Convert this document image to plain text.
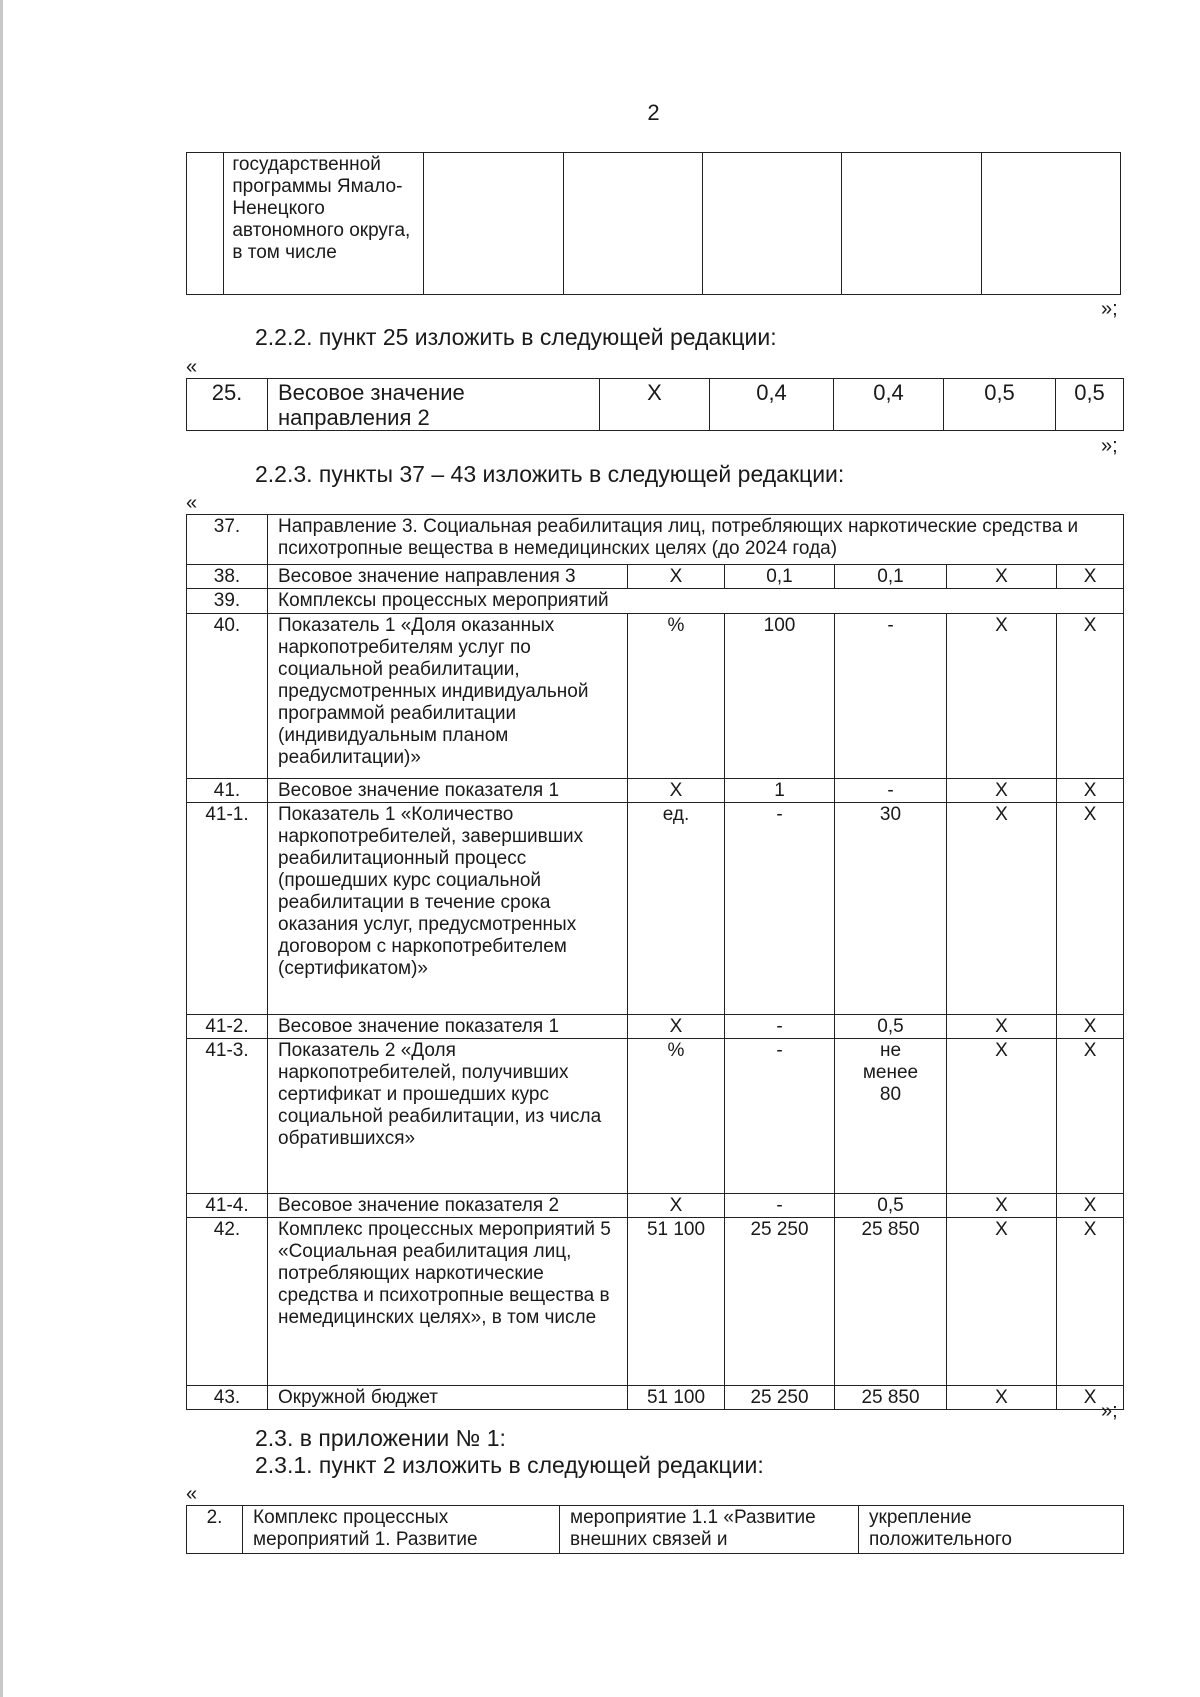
2
	государственной программы Ямало-Ненецкого автономного округа, в том числе					
»;
2.2.2. пункт 25 изложить в следующей редакции:
«
25.	Весовое значение направления 2	Х	0,4	0,4	0,5	0,5
»;
2.2.3. пункты 37 – 43 изложить в следующей редакции:
«
37.	Направление 3. Социальная реабилитация лиц, потребляющих наркотические средства и психотропные вещества в немедицинских целях (до 2024 года)					
38.	Весовое значение направления 3	Х	0,1	0,1	Х	Х
39.	Комплексы процессных мероприятий					
40.	Показатель 1 «Доля оказанных наркопотребителям услуг по социальной реабилитации, предусмотренных индивидуальной программой реабилитации (индивидуальным планом реабилитации)»	%	100	-	Х	Х
41.	Весовое значение показателя 1	Х	1	-	Х	Х
41-1.	Показатель 1 «Количество наркопотребителей, завершивших реабилитационный процесс (прошедших курс социальной реабилитации в течение срока оказания услуг, предусмотренных договором с наркопотребителем (сертификатом)»	ед.	-	30	Х	Х
41-2.	Весовое значение показателя 1	Х	-	0,5	Х	Х
41-3.	Показатель 2 «Доля наркопотребителей, получивших сертификат и прошедших курс социальной реабилитации, из числа обратившихся»	%	-	не менее 80	Х	Х
41-4.	Весовое значение показателя 2	Х	-	0,5	Х	Х
42.	Комплекс процессных мероприятий 5 «Социальная реабилитация лиц, потребляющих наркотические средства и психотропные вещества в немедицинских целях», в том числе	51 100	25 250	25 850	Х	Х
43.	Окружной бюджет	51 100	25 250	25 850	Х	Х
»;
2.3. в приложении № 1:
2.3.1. пункт 2 изложить в следующей редакции:
«
2.	Комплекс процессных мероприятий 1. Развитие	мероприятие 1.1 «Развитие внешних связей и	укрепление положительного
